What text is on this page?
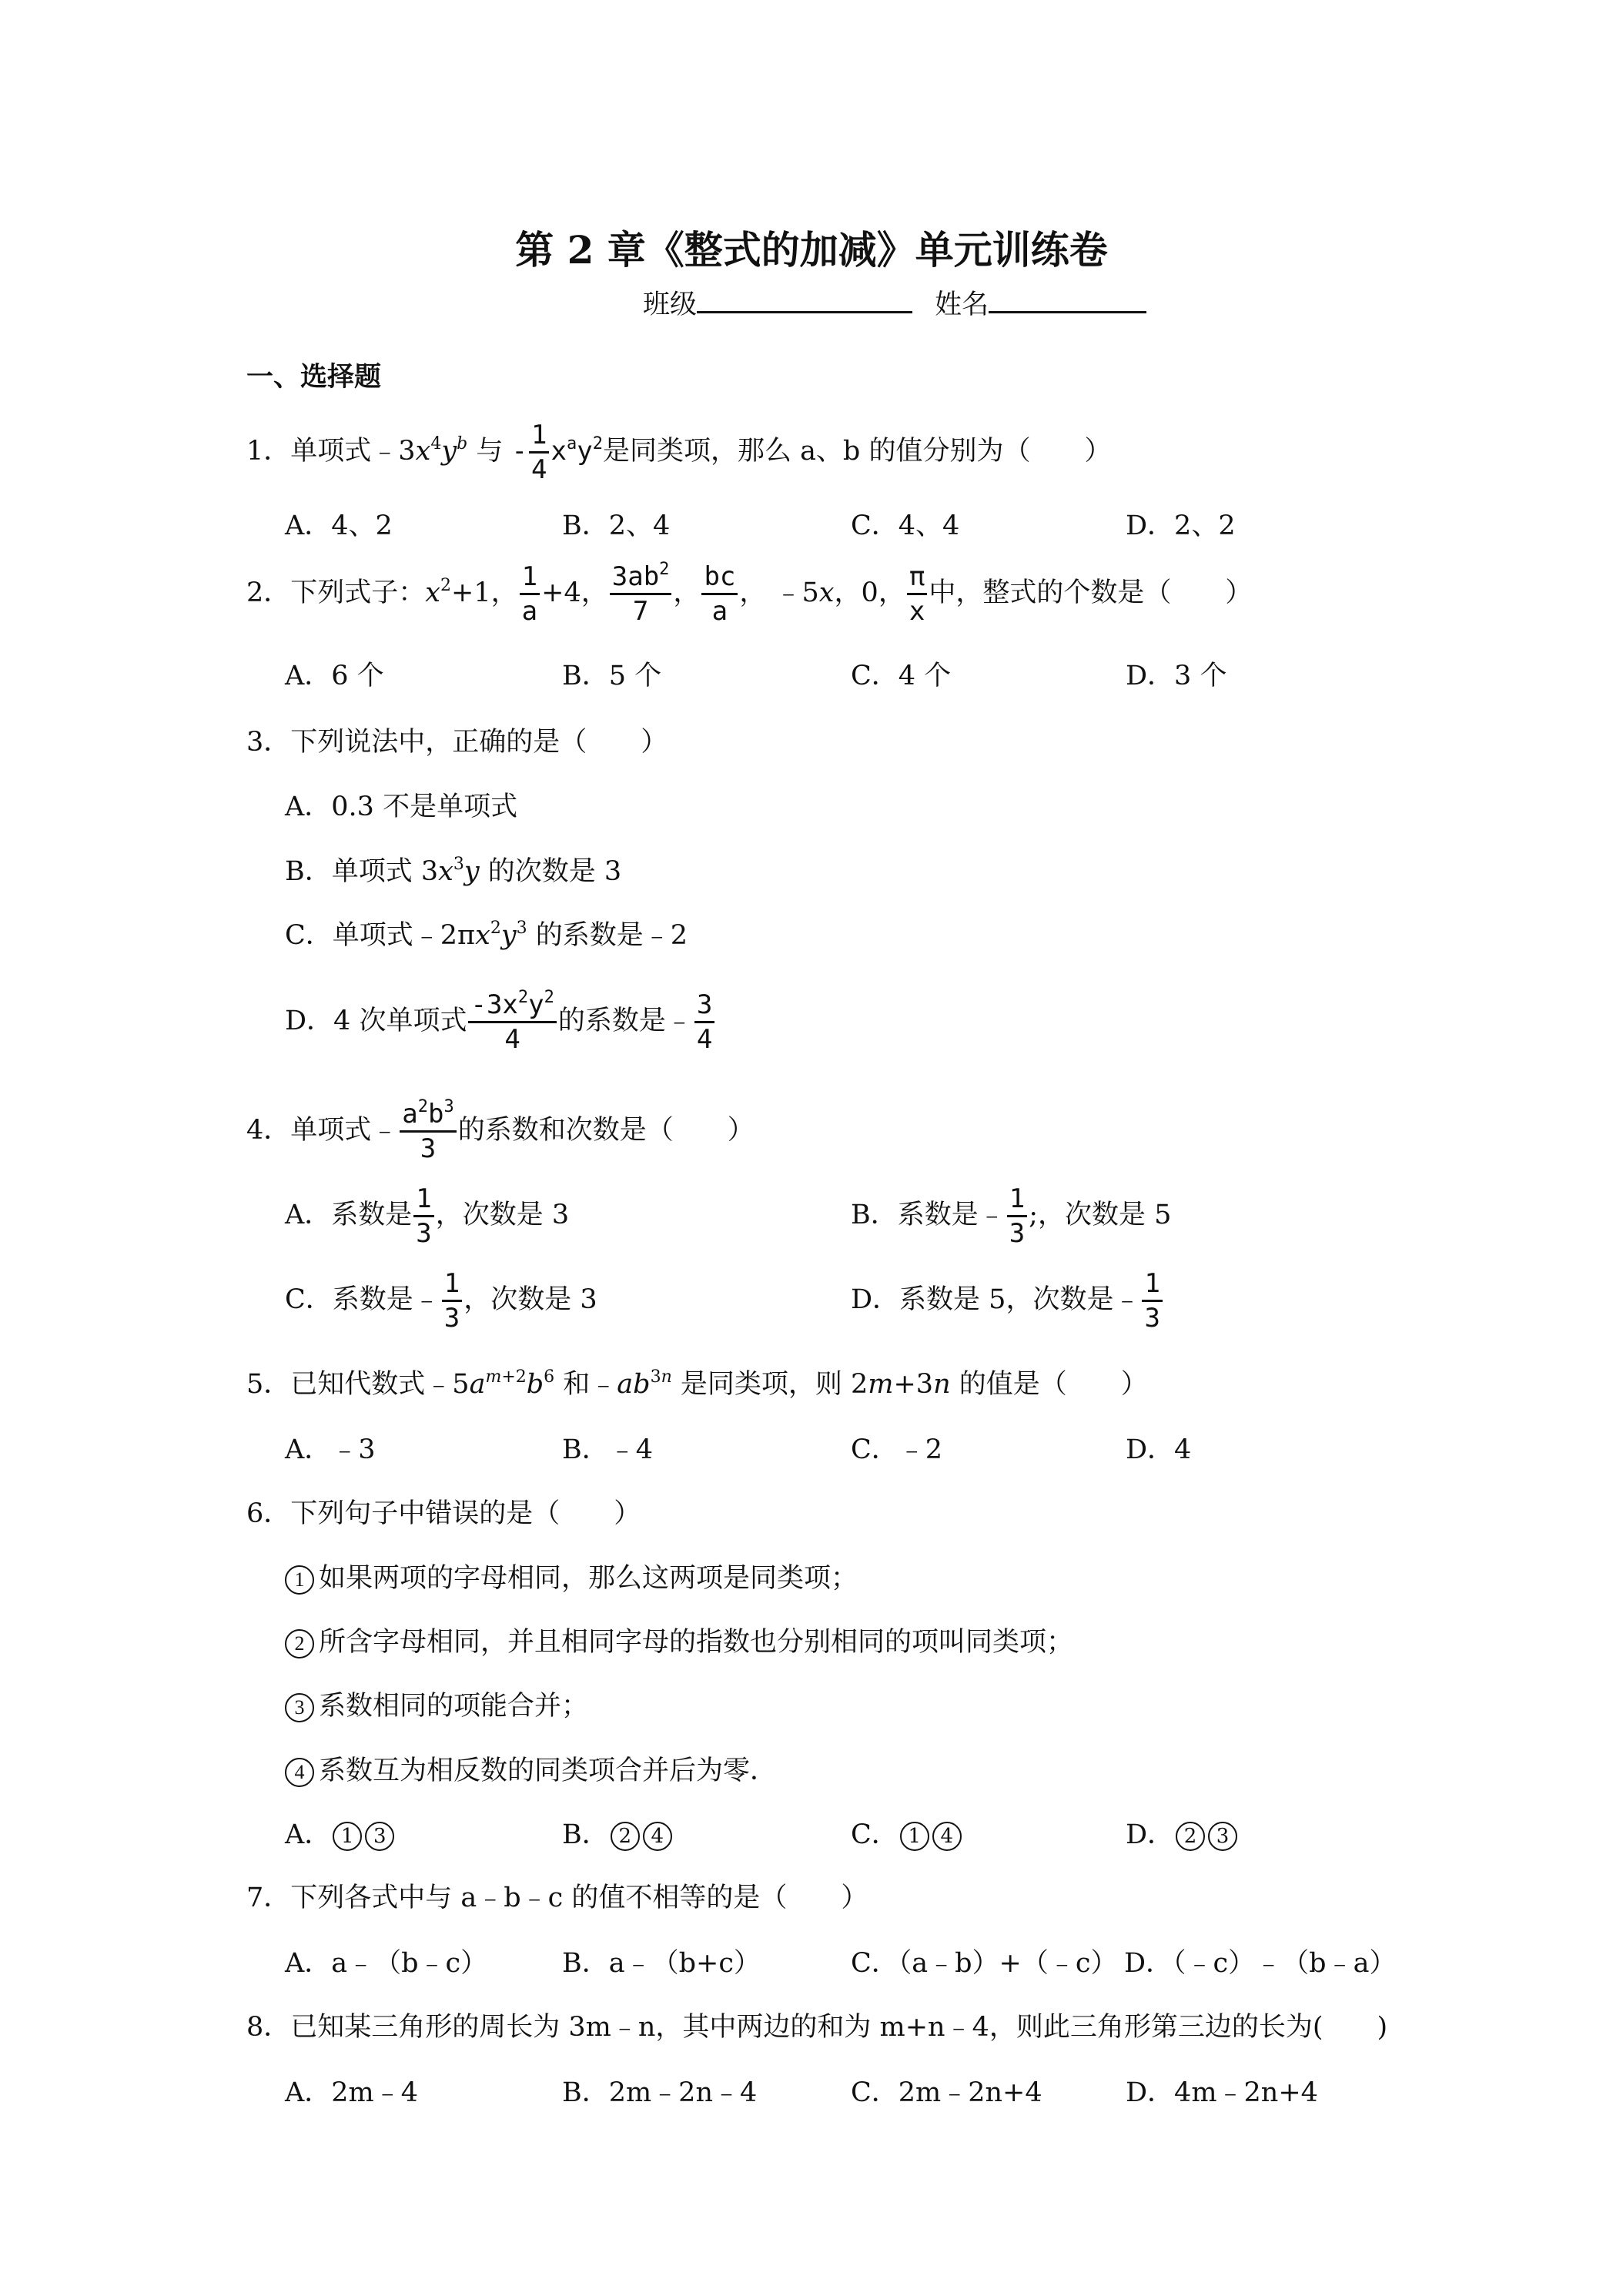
第 2 章《整式的加减》单元训练卷
班级	姓名
一、选择题
1．单项式$﹣3x^4y^b$ 与 - $\frac{1}{4} x^ay^2$是同类项，那么 a、b 的值分别为（　　）
A．4、2	B．2、4	C．4、4	D．2、2
2．下列式子：$x^2+1$， $\frac{1}{a} +4$， $\frac{3ab^2}{7}$ ， $\frac{bc}{a}$ ， ﹣5x，0， $\frac{\pi}{x}$ 中，整式的个数是（　　）
A．6 个	B．5 个	C．4 个	D．3 个
3．下列说法中，正确的是（　　）
A．0.3 不是单项式
B．单项式 $3x^3y$ 的次数是 3
C．单项式$﹣2\pi x^2y^3$ 的系数是﹣2
D．4 次单项式 $\frac{-3x^2y^2}{4}$ 的系数是﹣ $\frac{3}{4}$
4．单项式﹣ $\frac{a^2b^3}{3}$ 的系数和次数是（　　）
A．系数是 $\frac{1}{3}$ ，次数是 3	B．系数是﹣ $\frac{1}{3}$ ;，次数是 5
C．系数是﹣ $\frac{1}{3}$ ，次数是 3	D．系数是 5，次数是﹣ $\frac{1}{3}$
5．已知代数式$﹣5a^{m+2}b^6$ 和$﹣ab^{3n}$ 是同类项，则 2m+3n 的值是（　　）
A．﹣3	B．﹣4	C．﹣2	D．4
6．下列句子中错误的是（　　）
1 如果两项的字母相同，那么这两项是同类项；
2 所含字母相同，并且相同字母的指数也分别相同的项叫同类项；
3 系数相同的项能合并；
4 系数互为相反数的同类项合并后为零．
A． 1 3	B． 2 4	C． 1 4	D． 2 3
7．下列各式中与 a﹣b﹣c 的值不相等的是（　　）
A．a﹣（b﹣c）	B．a﹣（b+c）	C．（a﹣b）+（﹣c） D．（﹣c）﹣（b﹣a）
8．已知某三角形的周长为 3m﹣n，其中两边的和为 m+n﹣4，则此三角形第三边的长为(　　)
A．2m﹣4	B．2m﹣2n﹣4	C．2m﹣2n+4	D．4m﹣2n+4
